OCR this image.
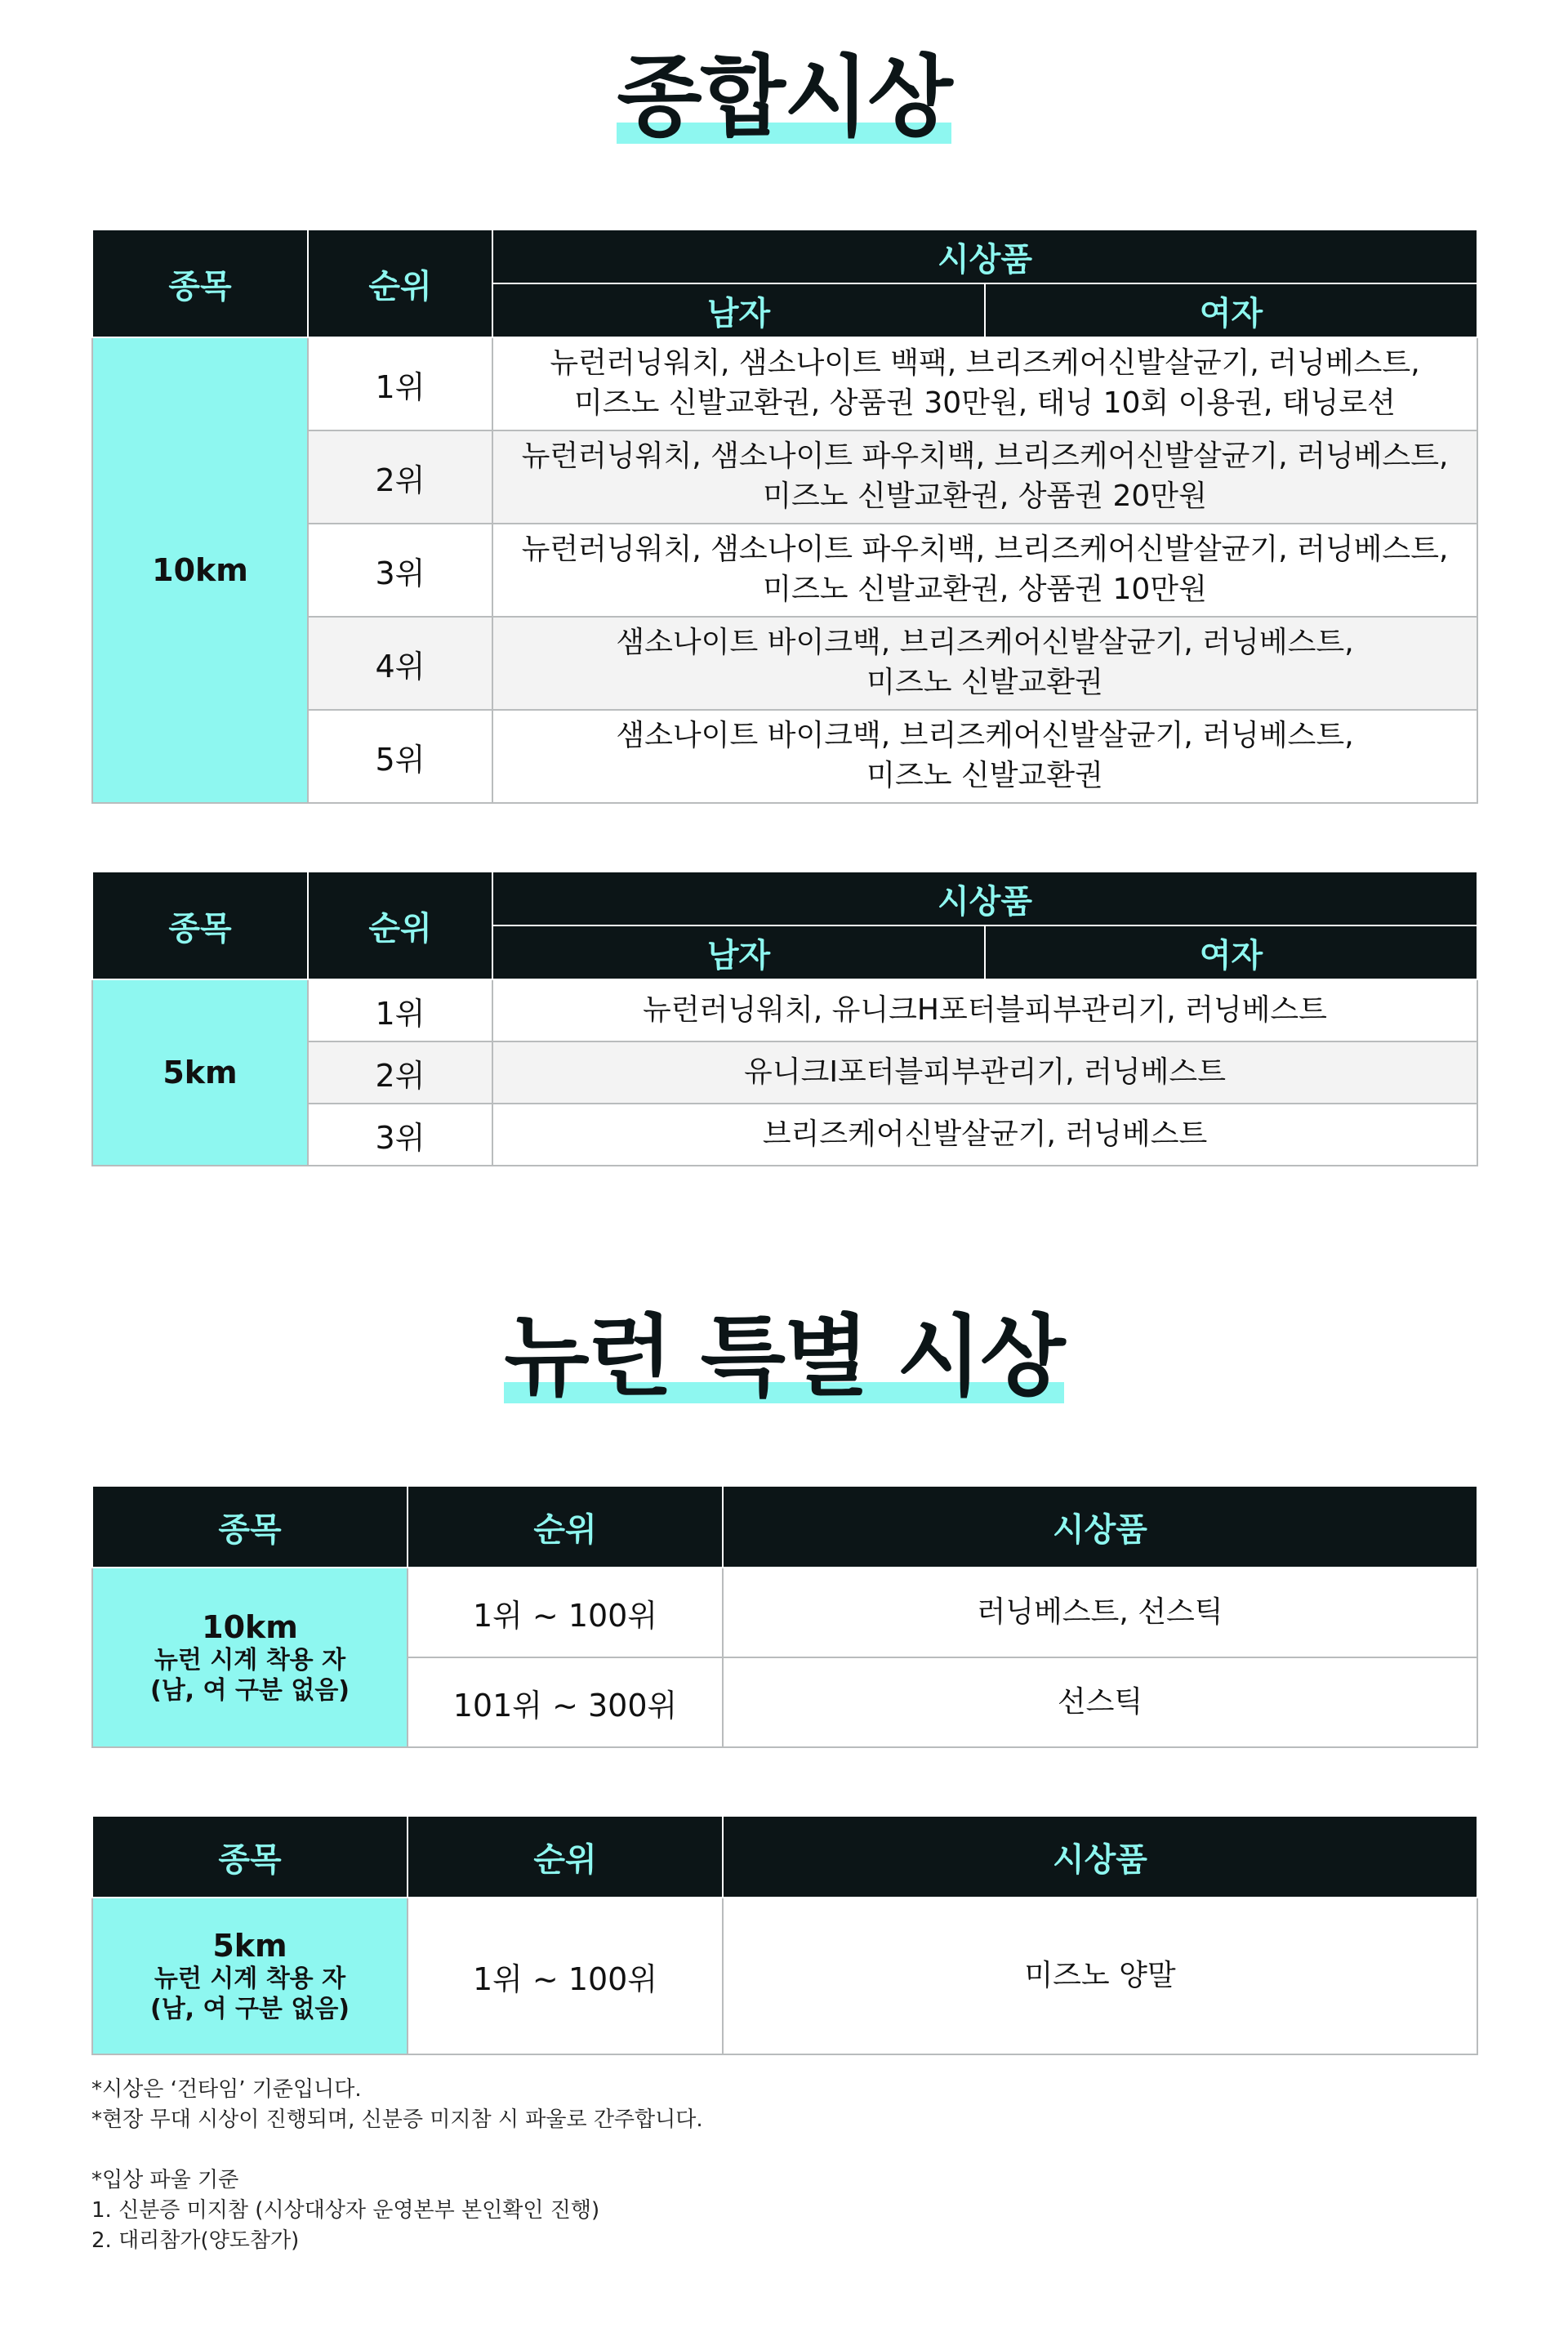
종합시상
종목	순위	시상품	
		남자	여자
10km	1위	뉴런러닝워치, 샘소나이트 백팩, 브리즈케어신발살균기, 러닝베스트,
미즈노 신발교환권, 상품권 30만원, 태닝 10회 이용권, 태닝로션	

	2위	뉴런러닝워치, 샘소나이트 파우치백, 브리즈케어신발살균기, 러닝베스트,
미즈노 신발교환권, 상품권 20만원	

	3위	뉴런러닝워치, 샘소나이트 파우치백, 브리즈케어신발살균기, 러닝베스트,
미즈노 신발교환권, 상품권 10만원	

	4위	샘소나이트 바이크백, 브리즈케어신발살균기, 러닝베스트,
미즈노 신발교환권	

	5위	샘소나이트 바이크백, 브리즈케어신발살균기, 러닝베스트,
미즈노 신발교환권	
종목	순위	시상품	
		남자	여자
5km	1위	뉴런러닝워치, 유니크H포터블피부관리기, 러닝베스트	
	2위	유니크I포터블피부관리기, 러닝베스트	
	3위	브리즈케어신발살균기, 러닝베스트	
뉴런 특별 시상
종목	순위	시상품

10km
뉴런 시계 착용 자
(남, 여 구분 없음)	1위 ~ 100위	러닝베스트, 선스틱
	101위 ~ 300위	선스틱
종목	순위	시상품

5km
뉴런 시계 착용 자
(남, 여 구분 없음)	1위 ~ 100위	미즈노 양말

*시상은 ‘건타임’ 기준입니다.

*현장 무대 시상이 진행되며, 신분증 미지참 시 파울로 간주합니다.

*입상 파울 기준

1. 신분증 미지참 (시상대상자 운영본부 본인확인 진행)

2. 대리참가(양도참가)
